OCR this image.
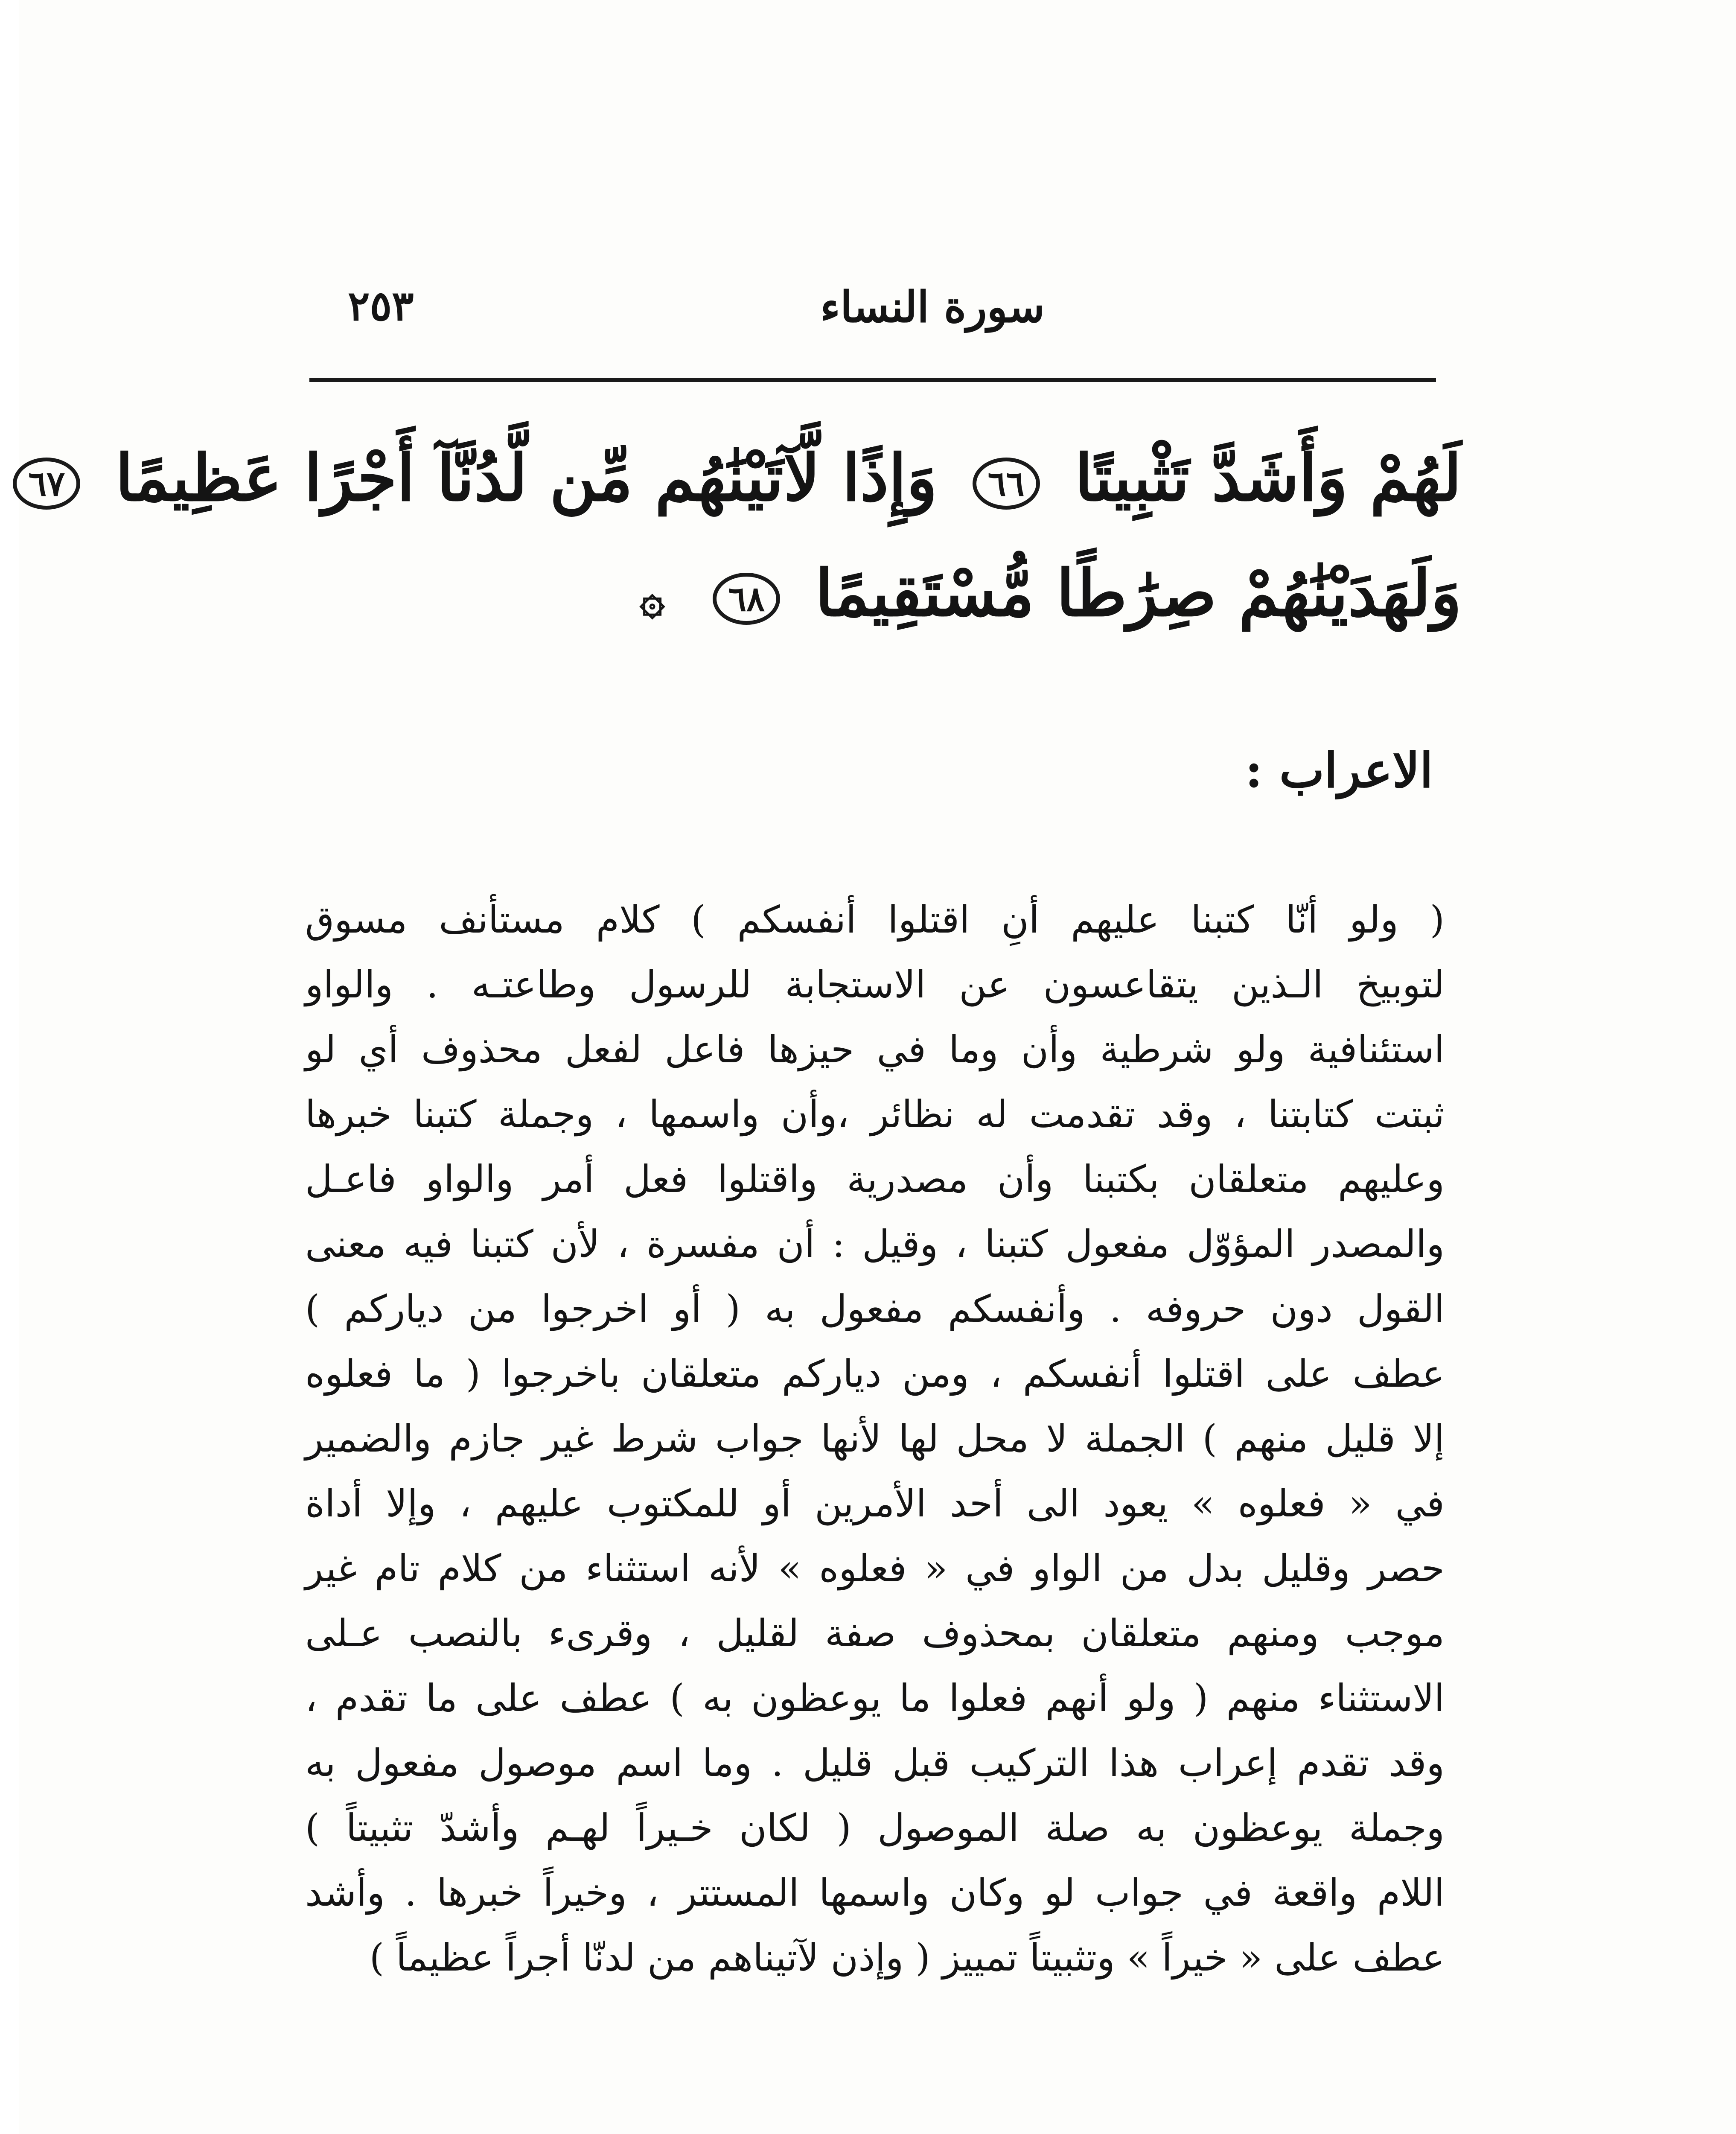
سورة النساء
٢٥٣
لَهُمْ وَأَشَدَّ تَثْبِيتًا ٦٦ وَإِذًا لَّآتَيْنَٰهُم مِّن لَّدُنَّآ أَجْرًا عَظِيمًا ٦٧
وَلَهَدَيْنَٰهُمْ صِرَٰطًا مُّسْتَقِيمًا ٦٨ ۞
الاعراب :
( ولو أنّا كتبنا عليهم أنِ اقتلوا أنفسكم ) كلام مستأنف مسوق
لتوبيخ الـذين يتقاعسون عن الاستجابة للرسول وطاعتـه . والواو
استئنافية ولو شرطية وأن وما في حيزها فاعل لفعل محذوف أي لو
ثبتت كتابتنا ، وقد تقدمت له نظائر ،وأن واسمها ، وجملة كتبنا خبرها
وعليهم متعلقان بكتبنا وأن مصدرية واقتلوا فعل أمر والواو فاعـل
والمصدر المؤوّل مفعول كتبنا ، وقيل : أن مفسرة ، لأن كتبنا فيه معنى
القول دون حروفه . وأنفسكم مفعول به ( أو اخرجوا من دياركم )
عطف على اقتلوا أنفسكم ، ومن دياركم متعلقان باخرجوا ( ما فعلوه
إلا قليل منهم ) الجملة لا محل لها لأنها جواب شرط غير جازم والضمير
في « فعلوه » يعود الى أحد الأمرين أو للمكتوب عليهم ، وإلا أداة
حصر وقليل بدل من الواو في « فعلوه » لأنه استثناء من كلام تام غير
موجب ومنهم متعلقان بمحذوف صفة لقليل ، وقرىء بالنصب عـلى
الاستثناء منهم ( ولو أنهم فعلوا ما يوعظون به ) عطف على ما تقدم ،
وقد تقدم إعراب هذا التركيب قبل قليل . وما اسم موصول مفعول به
وجملة يوعظون به صلة الموصول ( لكان خـيراً لهـم وأشدّ تثبيتاً )
اللام واقعة في جواب لو وكان واسمها المستتر ، وخيراً خبرها . وأشد
عطف على « خيراً » وتثبيتاً تمييز ( وإذن لآتيناهم من لدنّا أجراً عظيماً )
